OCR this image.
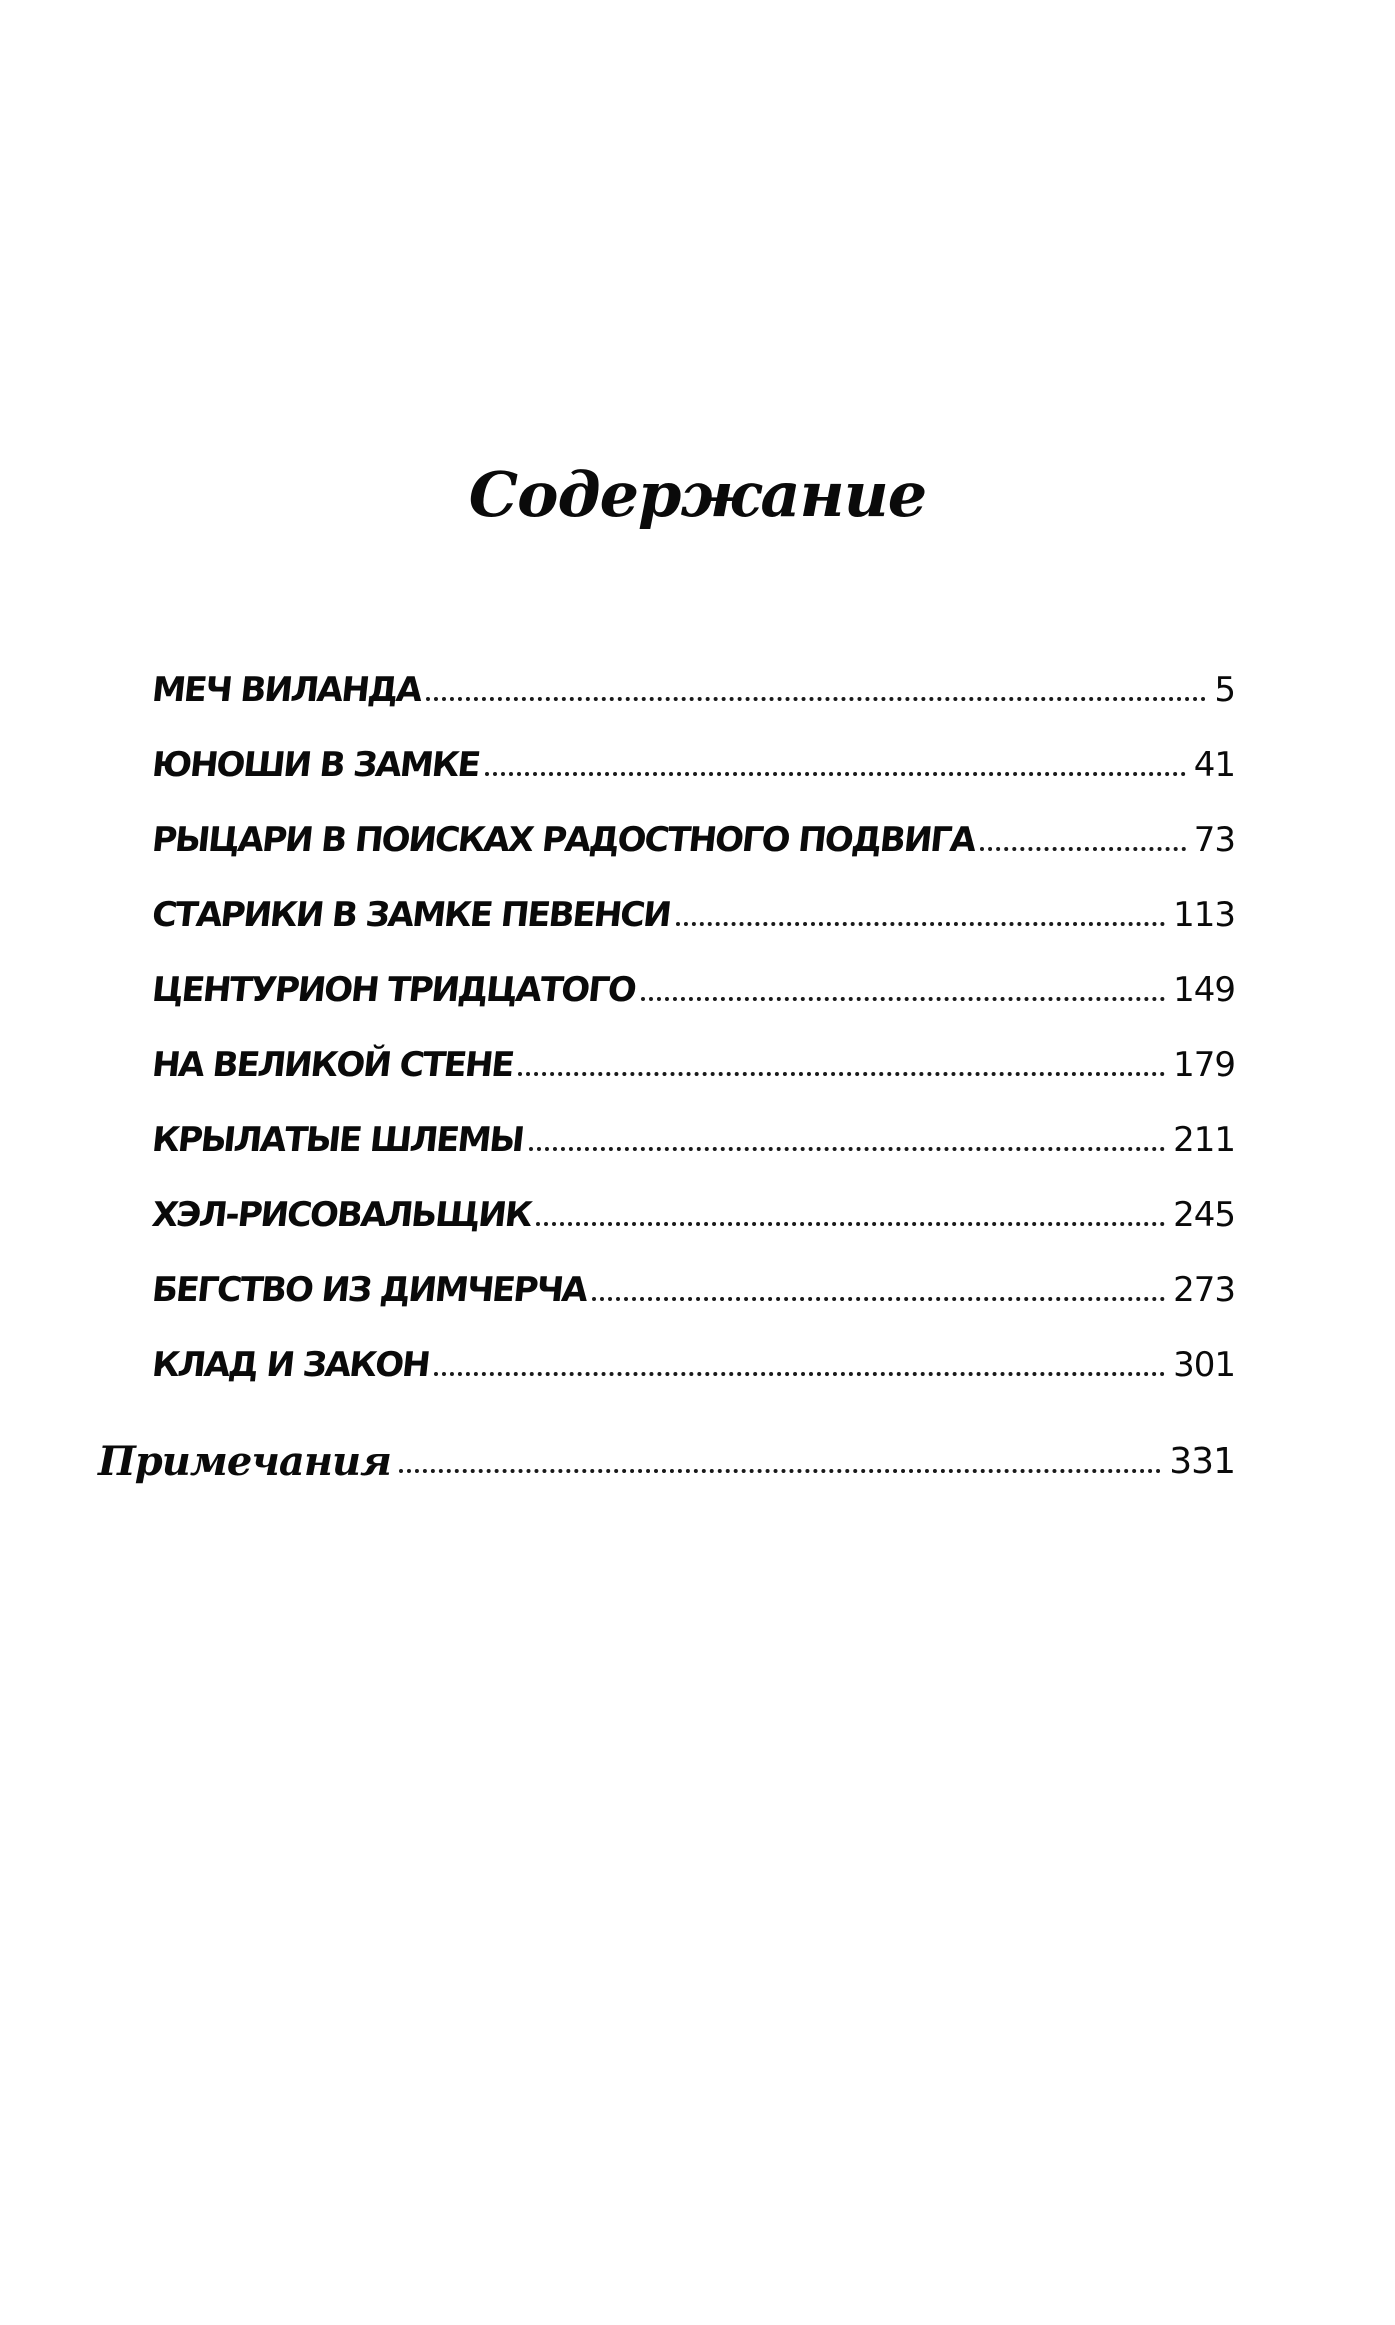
Содержание
МЕЧ ВИЛАНДА	5
ЮНОШИ В ЗАМКЕ	41
РЫЦАРИ В ПОИСКАХ РАДОСТНОГО ПОДВИГА	73
СТАРИКИ В ЗАМКЕ ПЕВЕНСИ	113
ЦЕНТУРИОН ТРИДЦАТОГО	149
НА ВЕЛИКОЙ СТЕНЕ	179
КРЫЛАТЫЕ ШЛЕМЫ	211
ХЭЛ-РИСОВАЛЬЩИК	245
БЕГСТВО ИЗ ДИМЧЕРЧА	273
КЛАД И ЗАКОН	301
Примечания	331
